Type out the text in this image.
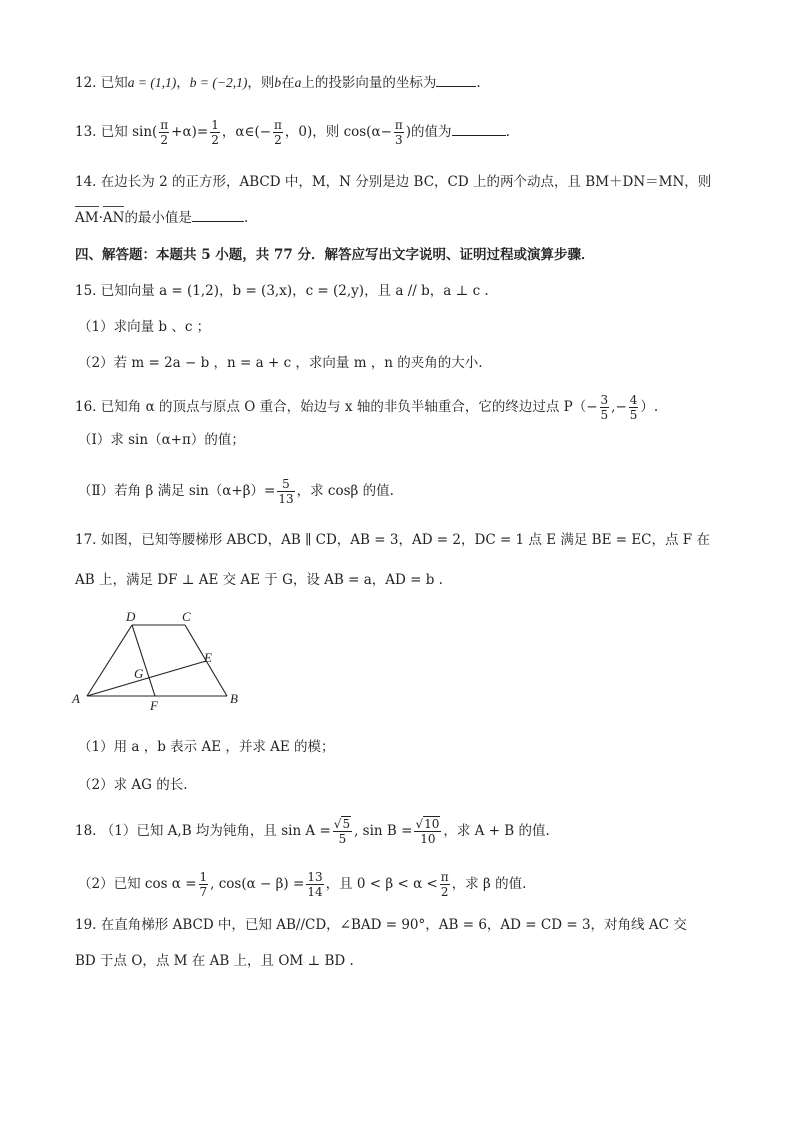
12. 已知a = (1,1)，b = (−2,1)，则b在a上的投影向量的坐标为	.
13. 已知 $\sin( \frac{\pi}{2} +\alpha)= \frac{1}{2}$ ，α∈(− $\frac{\pi}{2}$ ，0)，则 $\cos(\alpha- \frac{\pi}{3}$ )的值为	.
14. 在边长为 2 的正方形，ABCD 中，M，N 分别是边 BC，CD 上的两个动点，且 BM＋DN＝MN，则
AM·AN的最小值是	.
四、解答题：本题共 5 小题，共 77 分．解答应写出文字说明、证明过程或演算步骤．
15. 已知向量 a = (1,2)，b = (3,x)，c = (2,y)，且 a // b，a ⊥ c .
（1）求向量 b 、c ；
（2）若 m = 2a − b ，n = a + c ，求向量 m ，n 的夹角的大小.
16. 已知角 α 的顶点与原点 O 重合，始边与 x 轴的非负半轴重合，它的终边过点 $P(- \frac{3}{5}$ ,− $\frac{4}{5}$ ）.
（Ⅰ）求 sin（α+π）的值；
（Ⅱ）若角 β 满足 $\sin(\alpha+\beta)= \frac{5}{13}$ ，求 cosβ 的值.
17. 如图，已知等腰梯形 ABCD，AB ∥ CD，AB = 3，AD = 2，DC = 1 点 E 满足 BE = EC，点 F 在
AB 上，满足 DF ⊥ AE 交 AE 于 G，设 AB = a，AD = b .
A	B
C
D
E
F
G
（1）用 a ，b 表示 AE ，并求 AE 的模；
（2）求 AG 的长.
18. （1）已知 A,B 均为钝角，且 $\sin A = \frac{√5}{5}$ , $\sin B = \frac{√10}{10}$ ，求 A + B 的值.
（2）已知 $\cos \alpha = \frac{1}{7}$ , $\cos(\alpha - \beta) = \frac{13}{14}$ ，且 $0 < \beta < \alpha < \frac{\pi}{2}$ ，求 β 的值.
19. 在直角梯形 ABCD 中，已知 AB//CD，∠BAD = 90°，AB = 6，AD = CD = 3，对角线 AC 交
BD 于点 O，点 M 在 AB 上，且 OM ⊥ BD .
